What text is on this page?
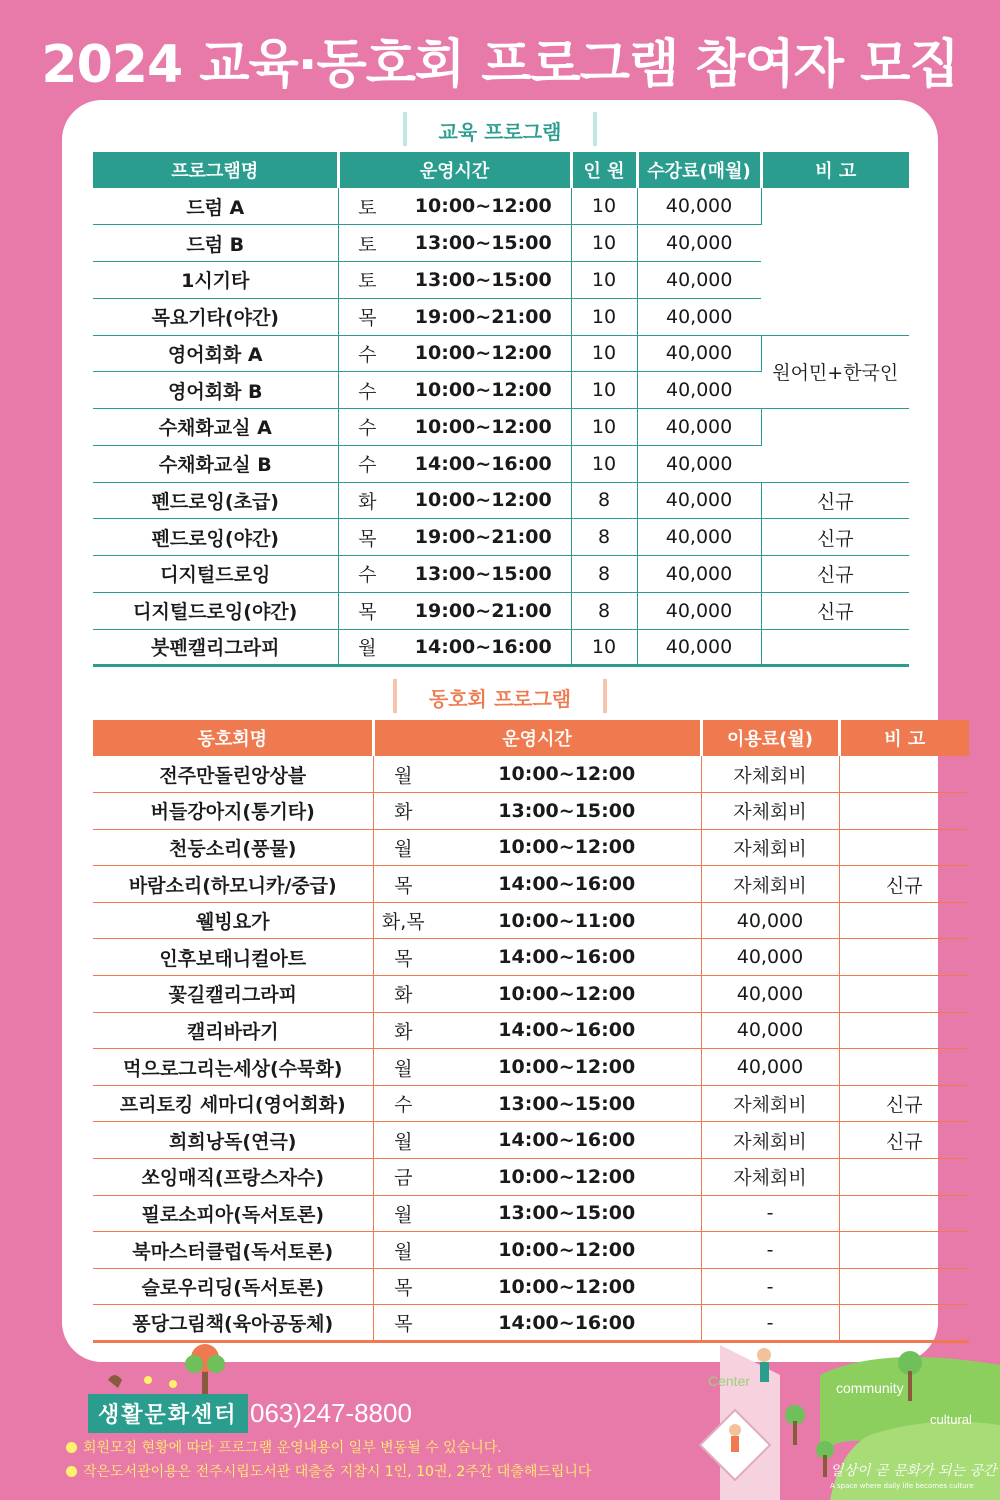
2024 교육·동호회 프로그램 참여자 모집
교육 프로그램
프로그램명	운영시간		인 원	수강료(매월)	비 고
드럼 A	토	10:00~12:00	10	40,000	
드럼 B	토	13:00~15:00	10	40,000	
1시기타	토	13:00~15:00	10	40,000	
목요기타(야간)	목	19:00~21:00	10	40,000	
영어회화 A	수	10:00~12:00	10	40,000	원어민+한국인
영어회화 B	수	10:00~12:00	10	40,000	
수채화교실 A	수	10:00~12:00	10	40,000	
수채화교실 B	수	14:00~16:00	10	40,000	
펜드로잉(초급)	화	10:00~12:00	8	40,000	신규
펜드로잉(야간)	목	19:00~21:00	8	40,000	신규
디지털드로잉	수	13:00~15:00	8	40,000	신규
디지털드로잉(야간)	목	19:00~21:00	8	40,000	신규
붓펜캘리그라피	월	14:00~16:00	10	40,000	
동호회 프로그램
동호회명	운영시간		이용료(월)	비 고
전주만돌린앙상블	월	10:00~12:00	자체회비	
버들강아지(통기타)	화	13:00~15:00	자체회비	
천둥소리(풍물)	월	10:00~12:00	자체회비	
바람소리(하모니카/중급)	목	14:00~16:00	자체회비	신규
웰빙요가	화,목	10:00~11:00	40,000	
인후보태니컬아트	목	14:00~16:00	40,000	
꽃길캘리그라피	화	10:00~12:00	40,000	
캘리바라기	화	14:00~16:00	40,000	
먹으로그리는세상(수묵화)	월	10:00~12:00	40,000	
프리토킹 세마디(영어회화)	수	13:00~15:00	자체회비	신규
희희낭독(연극)	월	14:00~16:00	자체회비	신규
쏘잉매직(프랑스자수)	금	10:00~12:00	자체회비	
필로소피아(독서토론)	월	13:00~15:00	-	
북마스터클럽(독서토론)	월	10:00~12:00	-	
슬로우리딩(독서토론)	목	10:00~12:00	-	
퐁당그림책(육아공동체)	목	14:00~16:00	-	
생활문화센터 063)247-8800
회원모집 현황에 따라 프로그램 운영내용이 일부 변동될 수 있습니다.
작은도서관이용은 전주시립도서관 대출증 지참시 1인, 10권, 2주간 대출해드립니다
Center	community
cultural
일상이 곧 문화가 되는 공간
A space where daily life becomes culture
